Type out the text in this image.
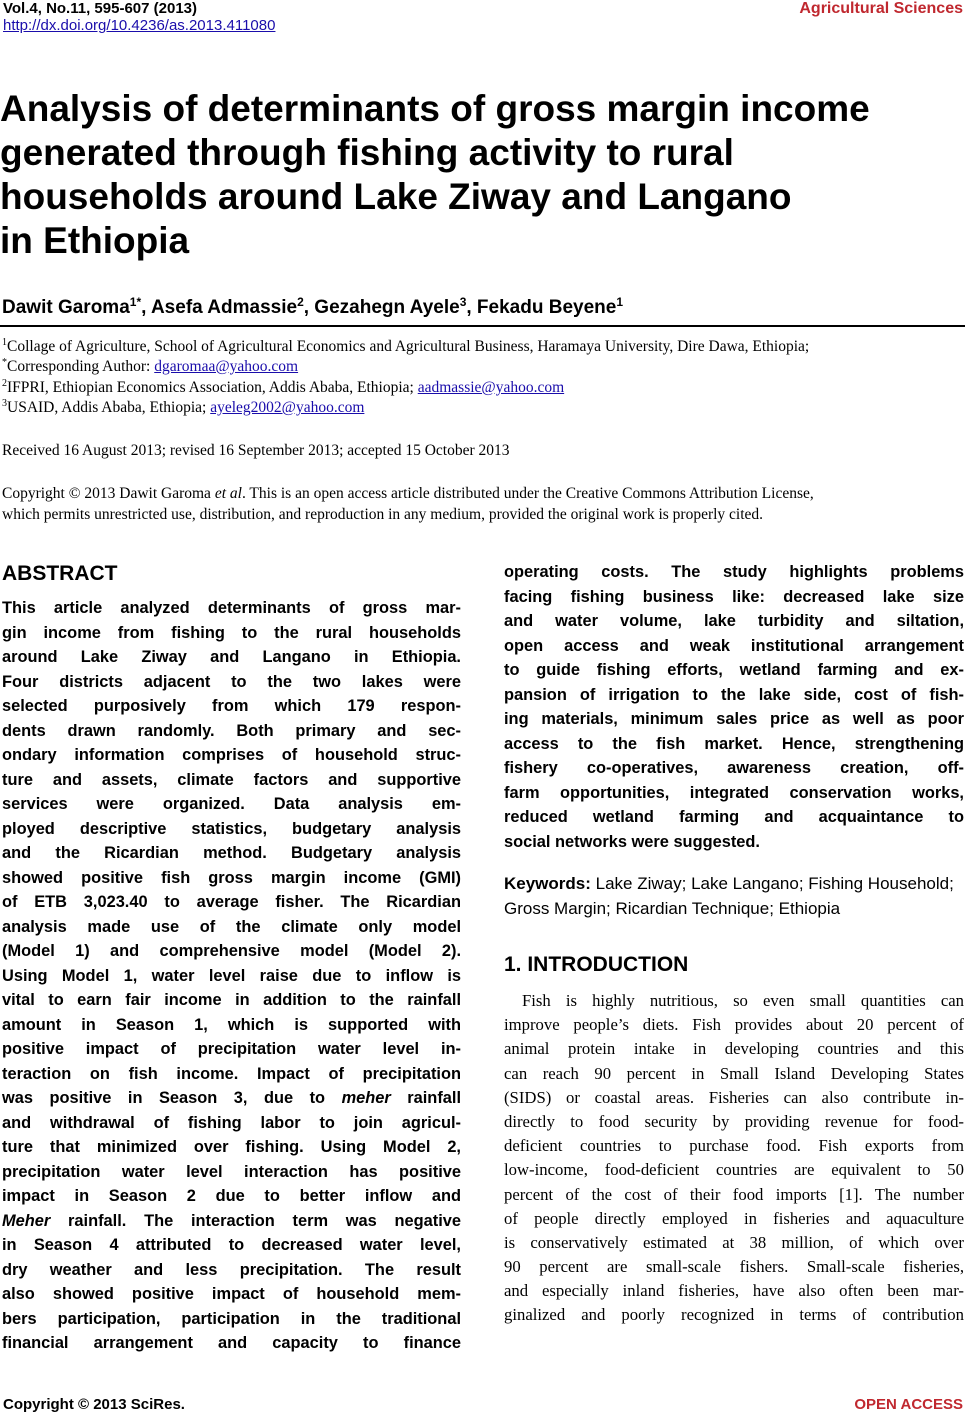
Vol.4, No.11, 595-607 (2013)
http://dx.doi.org/10.4236/as.2013.411080
Agricultural Sciences
Analysis of determinants of gross margin income
generated through fishing activity to rural
households around Lake Ziway and Langano
in Ethiopia
Dawit Garoma$^{1*}$, Asefa Admassie$^2$, Gezahegn Ayele$^3$, Fekadu Beyene$^1$
$^1$Collage of Agriculture, School of Agricultural Economics and Agricultural Business, Haramaya University, Dire Dawa, Ethiopia;
*Corresponding Author: dgaromaa@yahoo.com
$^2$IFPRI, Ethiopian Economics Association, Addis Ababa, Ethiopia; aadmassie@yahoo.com
$^3$USAID, Addis Ababa, Ethiopia; ayeleg2002@yahoo.com
Received 16 August 2013; revised 16 September 2013; accepted 15 October 2013

Copyright © 2013 Dawit Garoma et al. This is an open access article distributed under the Creative Commons Attribution License,

which permits unrestricted use, distribution, and reproduction in any medium, provided the original work is properly cited.

ABSTRACT
This article analyzed determinants of gross mar-
gin income from fishing to the rural households
around Lake Ziway and Langano in Ethiopia.
Four districts adjacent to the two lakes were
selected purposively from which 179 respon-
dents drawn randomly. Both primary and sec-
ondary information comprises of household struc-
ture and assets, climate factors and supportive
services were organized. Data analysis em-
ployed descriptive statistics, budgetary analysis
and the Ricardian method. Budgetary analysis
showed positive fish gross margin income (GMI)
of ETB 3,023.40 to average fisher. The Ricardian
analysis made use of the climate only model
(Model 1) and comprehensive model (Model 2).
Using Model 1, water level raise due to inflow is
vital to earn fair income in addition to the rainfall
amount in Season 1, which is supported with
positive impact of precipitation water level in-
teraction on fish income. Impact of precipitation
was positive in Season 3, due to meher rainfall
and withdrawal of fishing labor to join agricul-
ture that minimized over fishing. Using Model 2,
precipitation water level interaction has positive
impact in Season 2 due to better inflow and
Meher rainfall. The interaction term was negative
in Season 4 attributed to decreased water level,
dry weather and less precipitation. The result
also showed positive impact of household mem-
bers participation, participation in the traditional
financial arrangement and capacity to finance
operating costs. The study highlights problems
facing fishing business like: decreased lake size
and water volume, lake turbidity and siltation,
open access and weak institutional arrangement
to guide fishing efforts, wetland farming and ex-
pansion of irrigation to the lake side, cost of fish-
ing materials, minimum sales price as well as poor
access to the fish market. Hence, strengthening
fishery co-operatives, awareness creation, off-
farm opportunities, integrated conservation works,
reduced wetland farming and acquaintance to
social networks were suggested.
Keywords: Lake Ziway; Lake Langano; Fishing Household; Gross Margin; Ricardian Technique; Ethiopia
1. INTRODUCTION
Fish is highly nutritious, so even small quantities can
improve people’s diets. Fish provides about 20 percent of
animal protein intake in developing countries and this
can reach 90 percent in Small Island Developing States
(SIDS) or coastal areas. Fisheries can also contribute in-
directly to food security by providing revenue for food-
deficient countries to purchase food. Fish exports from
low-income, food-deficient countries are equivalent to 50
percent of the cost of their food imports [1]. The number
of people directly employed in fisheries and aquaculture
is conservatively estimated at 38 million, of which over
90 percent are small-scale fishers. Small-scale fisheries,
and especially inland fisheries, have also often been mar-
ginalized and poorly recognized in terms of contribution
Copyright © 2013 SciRes.	OPEN ACCESS
